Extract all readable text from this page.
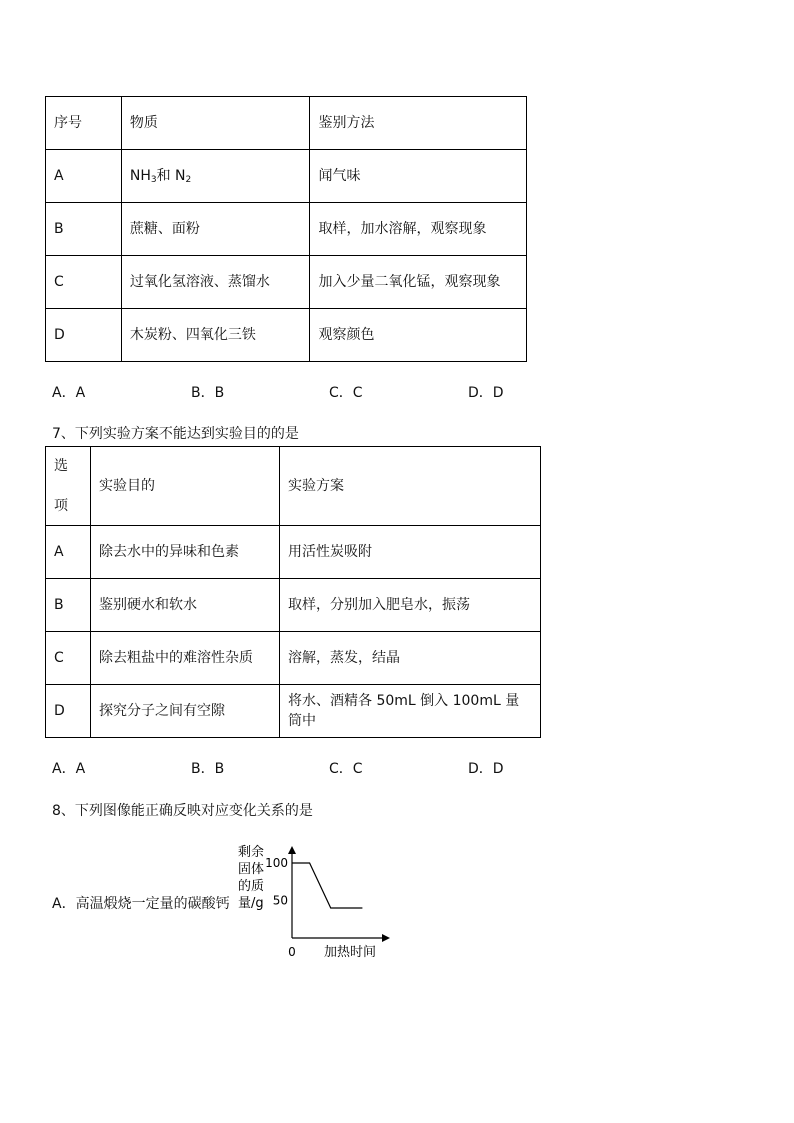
序号	物质	鉴别方法
A	$NH_3$和 $N_2$	闻气味
B	蔗糖、面粉	取样，加水溶解，观察现象
C	过氧化氢溶液、蒸馏水	加入少量二氧化锰，观察现象
D	木炭粉、四氧化三铁	观察颜色
A．A	B．B	C．C	D．D
7、下列实验方案不能达到实验目的的是
选

项	实验目的	实验方案
A	除去水中的异味和色素	用活性炭吸附
B	鉴别硬水和软水	取样，分别加入肥皂水，振荡
C	除去粗盐中的难溶性杂质	溶解，蒸发，结晶
D	探究分子之间有空隙	将水、酒精各 50mL 倒入 100mL 量筒中
A．A	B．B	C．C	D．D
8、下列图像能正确反映对应变化关系的是
A．高温煅烧一定量的碳酸钙
剩余
固体
的质
量/g
100
50
0 加热时间
